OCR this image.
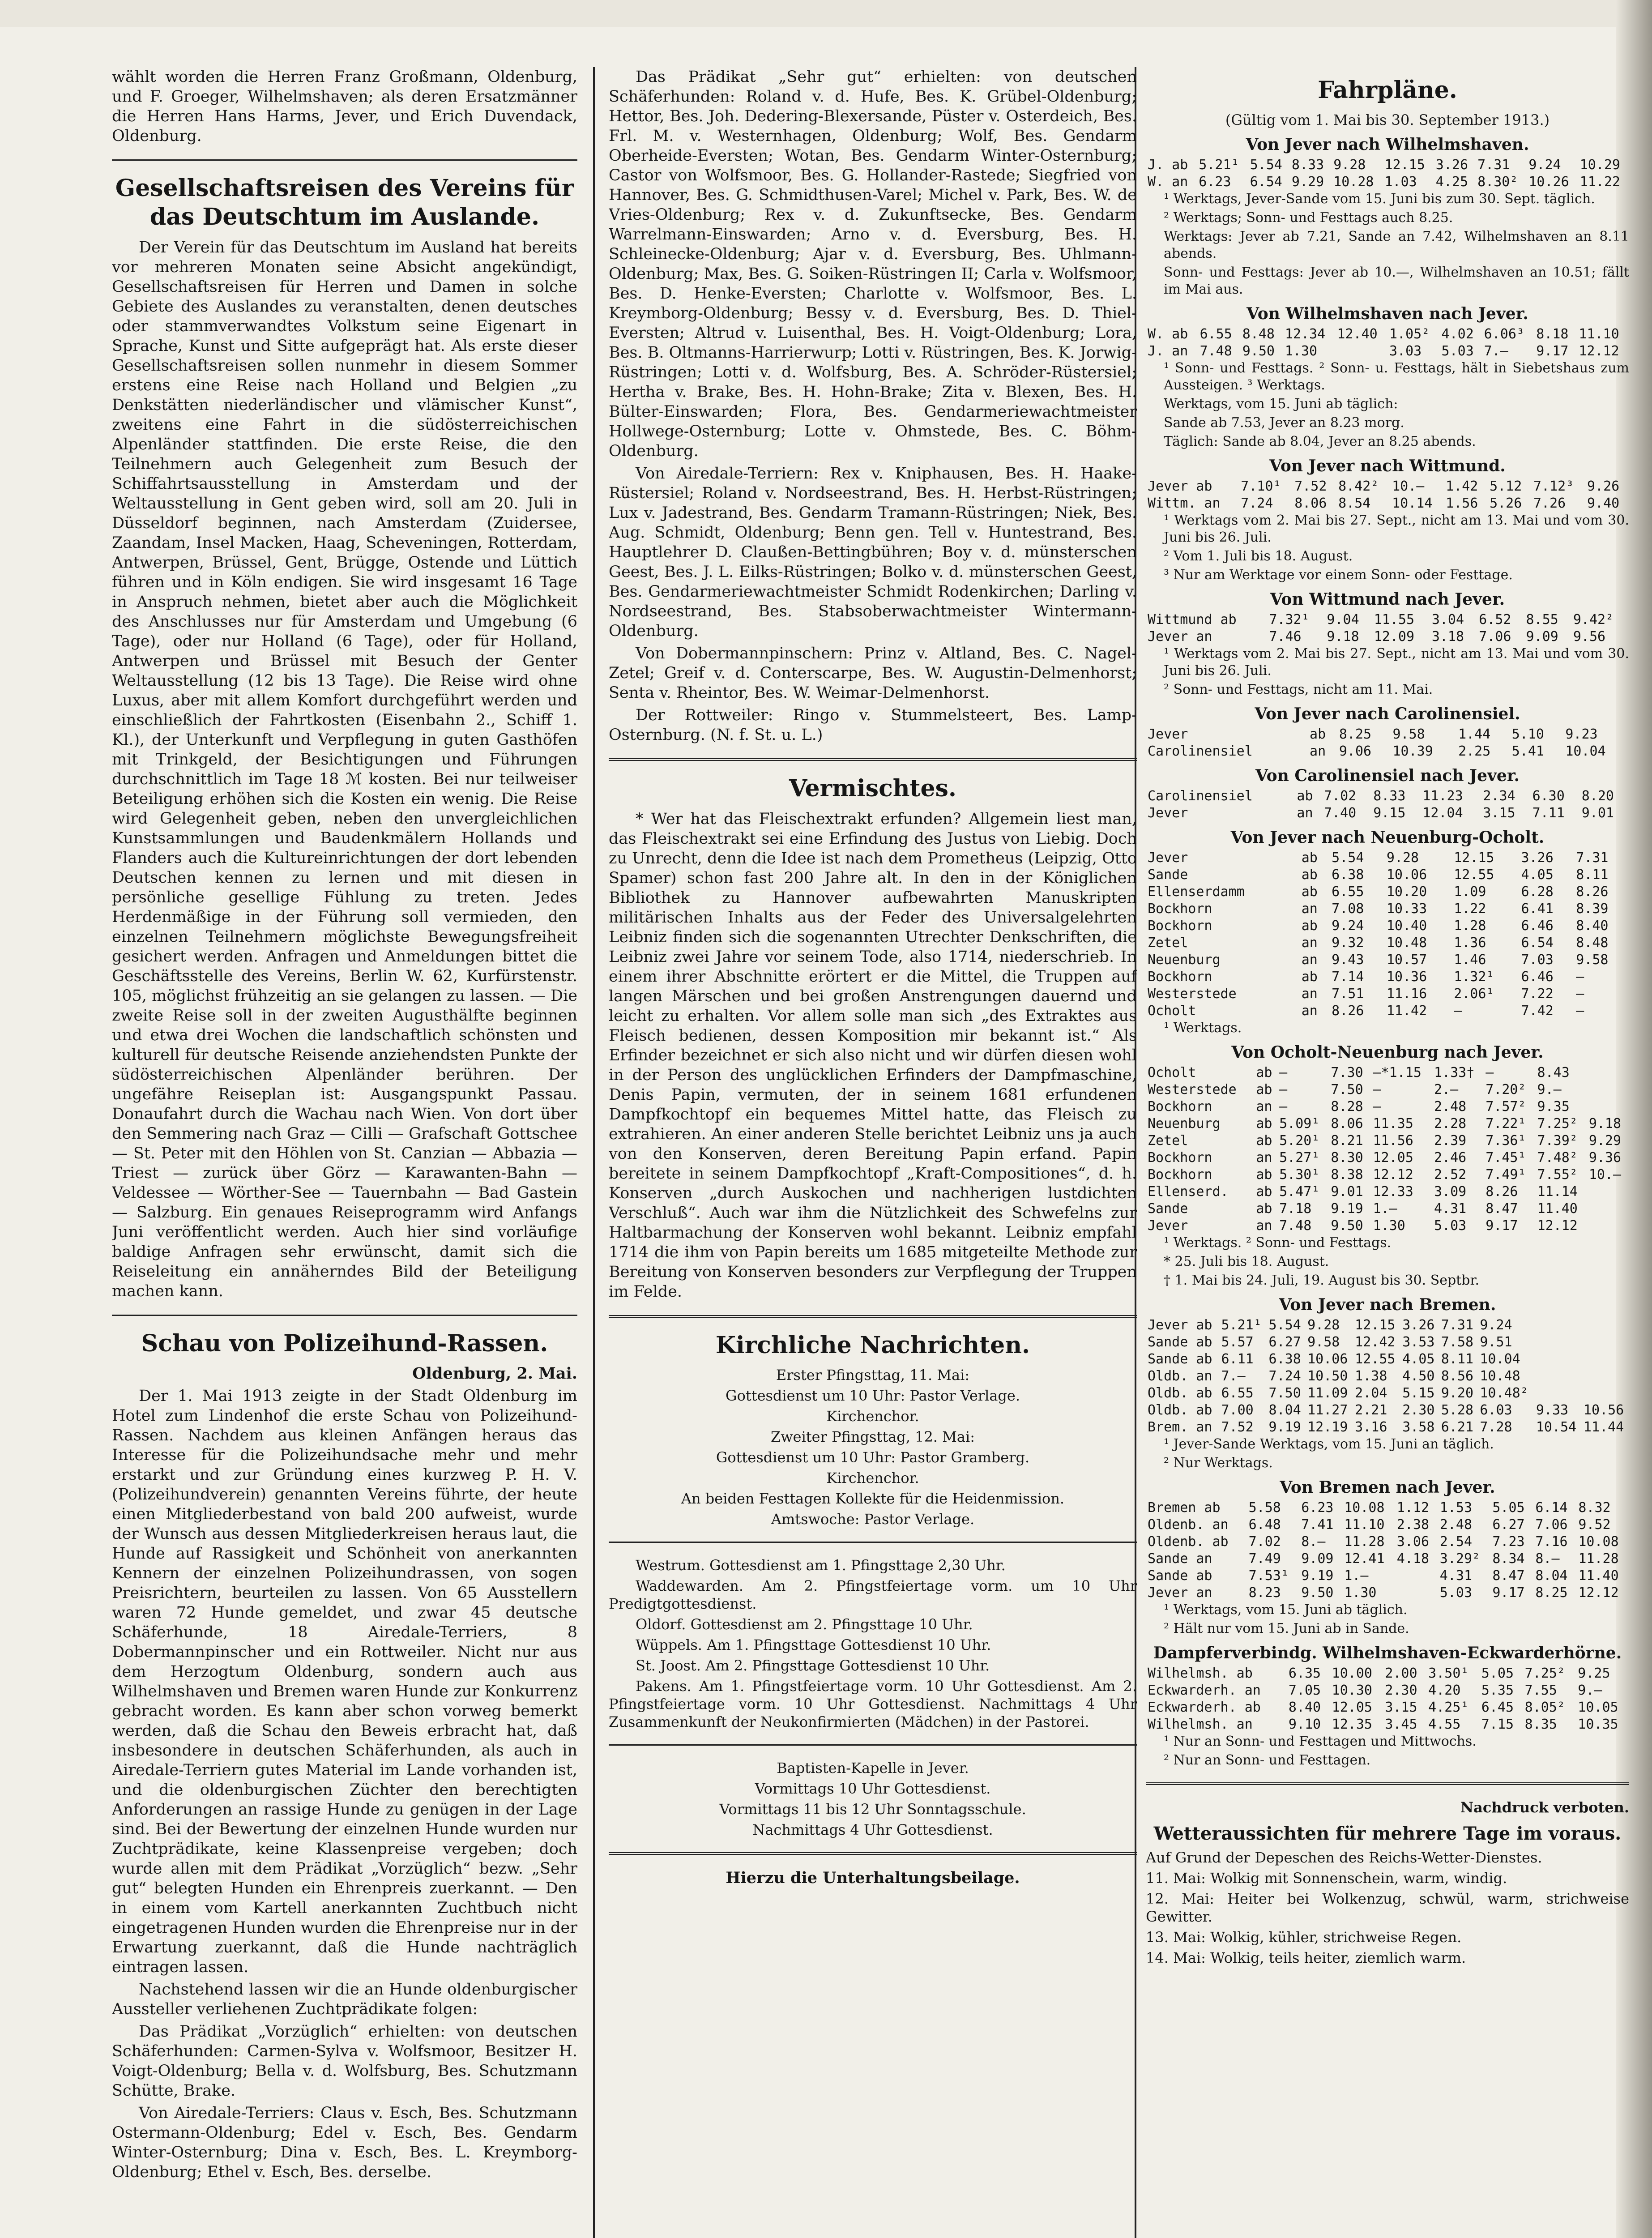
wählt worden die Herren Franz Großmann, Oldenburg, und F. Groeger, Wilhelmshaven; als deren Ersatzmänner die Herren Hans Harms, Jever, und Erich Duvendack, Oldenburg.

Gesellschaftsreisen des Vereins für das Deutschtum im Auslande.

Der Verein für das Deutschtum im Ausland hat bereits vor mehreren Monaten seine Absicht angekündigt, Gesellschaftsreisen für Herren und Damen in solche Gebiete des Auslandes zu veranstalten, denen deutsches oder stammverwandtes Volkstum seine Eigenart in Sprache, Kunst und Sitte aufgeprägt hat. Als erste dieser Gesellschaftsreisen sollen nunmehr in diesem Sommer erstens eine Reise nach Holland und Belgien „zu Denkstätten niederländischer und vlämischer Kunst“, zweitens eine Fahrt in die südösterreichischen Alpenländer stattfinden. Die erste Reise, die den Teilnehmern auch Gelegenheit zum Besuch der Schiffahrtsausstellung in Amsterdam und der Weltausstellung in Gent geben wird, soll am 20. Juli in Düsseldorf beginnen, nach Amsterdam (Zuidersee, Zaandam, Insel Macken, Haag, Scheveningen, Rotterdam, Antwerpen, Brüssel, Gent, Brügge, Ostende und Lüttich führen und in Köln endigen. Sie wird insgesamt 16 Tage in Anspruch nehmen, bietet aber auch die Möglichkeit des Anschlusses nur für Amsterdam und Umgebung (6 Tage), oder nur Holland (6 Tage), oder für Holland, Antwerpen und Brüssel mit Besuch der Genter Weltausstellung (12 bis 13 Tage). Die Reise wird ohne Luxus, aber mit allem Komfort durchgeführt werden und einschließlich der Fahrtkosten (Eisenbahn 2., Schiff 1. Kl.), der Unterkunft und Verpflegung in guten Gasthöfen mit Trinkgeld, der Besichtigungen und Führungen durchschnittlich im Tage 18 ℳ kosten. Bei nur teilweiser Beteiligung erhöhen sich die Kosten ein wenig. Die Reise wird Gelegenheit geben, neben den unvergleichlichen Kunstsammlungen und Baudenkmälern Hollands und Flanders auch die Kultureinrichtungen der dort lebenden Deutschen kennen zu lernen und mit diesen in persönliche gesellige Fühlung zu treten. Jedes Herdenmäßige in der Führung soll vermieden, den einzelnen Teilnehmern möglichste Bewegungsfreiheit gesichert werden. Anfragen und Anmeldungen bittet die Geschäftsstelle des Vereins, Berlin W. 62, Kurfürstenstr. 105, möglichst frühzeitig an sie gelangen zu lassen. — Die zweite Reise soll in der zweiten Augusthälfte beginnen und etwa drei Wochen die landschaftlich schönsten und kulturell für deutsche Reisende anziehendsten Punkte der südösterreichischen Alpenländer berühren. Der ungefähre Reiseplan ist: Ausgangspunkt Passau. Donaufahrt durch die Wachau nach Wien. Von dort über den Semmering nach Graz — Cilli — Grafschaft Gottschee — St. Peter mit den Höhlen von St. Canzian — Abbazia — Triest — zurück über Görz — Karawanten-Bahn — Veldessee — Wörther-See — Tauernbahn — Bad Gastein — Salzburg. Ein genaues Reiseprogramm wird Anfangs Juni veröffentlicht werden. Auch hier sind vorläufige baldige Anfragen sehr erwünscht, damit sich die Reiseleitung ein annäherndes Bild der Beteiligung machen kann.

Schau von Polizeihund-Rassen.
Oldenburg, 2. Mai.

Der 1. Mai 1913 zeigte in der Stadt Oldenburg im Hotel zum Lindenhof die erste Schau von Polizeihund-Rassen. Nachdem aus kleinen Anfängen heraus das Interesse für die Polizeihundsache mehr und mehr erstarkt und zur Gründung eines kurzweg P. H. V. (Polizeihundverein) genannten Vereins führte, der heute einen Mitgliederbestand von bald 200 aufweist, wurde der Wunsch aus dessen Mitgliederkreisen heraus laut, die Hunde auf Rassigkeit und Schönheit von anerkannten Kennern der einzelnen Polizeihundrassen, von sogen Preisrichtern, beurteilen zu lassen. Von 65 Ausstellern waren 72 Hunde gemeldet, und zwar 45 deutsche Schäferhunde, 18 Airedale-Terriers, 8 Dobermannpinscher und ein Rottweiler. Nicht nur aus dem Herzogtum Oldenburg, sondern auch aus Wilhelmshaven und Bremen waren Hunde zur Konkurrenz gebracht worden. Es kann aber schon vorweg bemerkt werden, daß die Schau den Beweis erbracht hat, daß insbesondere in deutschen Schäferhunden, als auch in Airedale-Terriern gutes Material im Lande vorhanden ist, und die oldenburgischen Züchter den berechtigten Anforderungen an rassige Hunde zu genügen in der Lage sind. Bei der Bewertung der einzelnen Hunde wurden nur Zuchtprädikate, keine Klassenpreise vergeben; doch wurde allen mit dem Prädikat „Vorzüglich“ bezw. „Sehr gut“ belegten Hunden ein Ehrenpreis zuerkannt. — Den in einem vom Kartell anerkannten Zuchtbuch nicht eingetragenen Hunden wurden die Ehrenpreise nur in der Erwartung zuerkannt, daß die Hunde nachträglich eintragen lassen.

Nachstehend lassen wir die an Hunde oldenburgischer Aussteller verliehenen Zuchtprädikate folgen:

Das Prädikat „Vorzüglich“ erhielten: von deutschen Schäferhunden: Carmen-Sylva v. Wolfsmoor, Besitzer H. Voigt-Oldenburg; Bella v. d. Wolfsburg, Bes. Schutzmann Schütte, Brake.

Von Airedale-Terriers: Claus v. Esch, Bes. Schutzmann Ostermann-Oldenburg; Edel v. Esch, Bes. Gendarm Winter-Osternburg; Dina v. Esch, Bes. L. Kreymborg-Oldenburg; Ethel v. Esch, Bes. derselbe.

Das Prädikat „Sehr gut“ erhielten: von deutschen Schäferhunden: Roland v. d. Hufe, Bes. K. Grübel-Oldenburg; Hettor, Bes. Joh. Dedering-Blexersande, Püster v. Osterdeich, Bes. Frl. M. v. Westernhagen, Oldenburg; Wolf, Bes. Gendarm Oberheide-Eversten; Wotan, Bes. Gendarm Winter-Osternburg; Castor von Wolfsmoor, Bes. G. Hollander-Rastede; Siegfried von Hannover, Bes. G. Schmidthusen-Varel; Michel v. Park, Bes. W. de Vries-Oldenburg; Rex v. d. Zukunftsecke, Bes. Gendarm Warrelmann-Einswarden; Arno v. d. Eversburg, Bes. H. Schleinecke-Oldenburg; Ajar v. d. Eversburg, Bes. Uhlmann-Oldenburg; Max, Bes. G. Soiken-Rüstringen II; Carla v. Wolfsmoor, Bes. D. Henke-Eversten; Charlotte v. Wolfsmoor, Bes. L. Kreymborg-Oldenburg; Bessy v. d. Eversburg, Bes. D. Thiel-Eversten; Altrud v. Luisenthal, Bes. H. Voigt-Oldenburg; Lora, Bes. B. Oltmanns-Harrierwurp; Lotti v. Rüstringen, Bes. K. Jorwig-Rüstringen; Lotti v. d. Wolfsburg, Bes. A. Schröder-Rüstersiel; Hertha v. Brake, Bes. H. Hohn-Brake; Zita v. Blexen, Bes. H. Bülter-Einswarden; Flora, Bes. Gendarmeriewachtmeister Hollwege-Osternburg; Lotte v. Ohmstede, Bes. C. Böhm-Oldenburg.

Von Airedale-Terriern: Rex v. Kniphausen, Bes. H. Haake-Rüstersiel; Roland v. Nordseestrand, Bes. H. Herbst-Rüstringen; Lux v. Jadestrand, Bes. Gendarm Tramann-Rüstringen; Niek, Bes. Aug. Schmidt, Oldenburg; Benn gen. Tell v. Huntestrand, Bes. Hauptlehrer D. Claußen-Bettingbühren; Boy v. d. münsterschen Geest, Bes. J. L. Eilks-Rüstringen; Bolko v. d. münsterschen Geest, Bes. Gendarmeriewachtmeister Schmidt Rodenkirchen; Darling v. Nordseestrand, Bes. Stabsoberwachtmeister Wintermann-Oldenburg.

Von Dobermannpinschern: Prinz v. Altland, Bes. C. Nagel-Zetel; Greif v. d. Conterscarpe, Bes. W. Augustin-Delmenhorst; Senta v. Rheintor, Bes. W. Weimar-Delmenhorst.

Der Rottweiler: Ringo v. Stummelsteert, Bes. Lamp-Osternburg. (N. f. St. u. L.)

Vermischtes.

* Wer hat das Fleischextrakt erfunden? Allgemein liest man, das Fleischextrakt sei eine Erfindung des Justus von Liebig. Doch zu Unrecht, denn die Idee ist nach dem Prometheus (Leipzig, Otto Spamer) schon fast 200 Jahre alt. In den in der Königlichen Bibliothek zu Hannover aufbewahrten Manuskripten militärischen Inhalts aus der Feder des Universalgelehrten Leibniz finden sich die sogenannten Utrechter Denkschriften, die Leibniz zwei Jahre vor seinem Tode, also 1714, niederschrieb. In einem ihrer Abschnitte erörtert er die Mittel, die Truppen auf langen Märschen und bei großen Anstrengungen dauernd und leicht zu erhalten. Vor allem solle man sich „des Extraktes aus Fleisch bedienen, dessen Komposition mir bekannt ist.“ Als Erfinder bezeichnet er sich also nicht und wir dürfen diesen wohl in der Person des unglücklichen Erfinders der Dampfmaschine, Denis Papin, vermuten, der in seinem 1681 erfundenen Dampfkochtopf ein bequemes Mittel hatte, das Fleisch zu extrahieren. An einer anderen Stelle berichtet Leibniz uns ja auch von den Konserven, deren Bereitung Papin erfand. Papin bereitete in seinem Dampfkochtopf „Kraft-Compositiones“, d. h. Konserven „durch Auskochen und nachherigen lustdichten Verschluß“. Auch war ihm die Nützlichkeit des Schwefelns zur Haltbarmachung der Konserven wohl bekannt. Leibniz empfahl 1714 die ihm von Papin bereits um 1685 mitgeteilte Methode zur Bereitung von Konserven besonders zur Verpflegung der Truppen im Felde.

Kirchliche Nachrichten.

Erster Pfingsttag, 11. Mai:

Gottesdienst um 10 Uhr: Pastor Verlage.

Kirchenchor.

Zweiter Pfingsttag, 12. Mai:

Gottesdienst um 10 Uhr: Pastor Gramberg.

Kirchenchor.

An beiden Festtagen Kollekte für die Heidenmission.

Amtswoche: Pastor Verlage.

Westrum. Gottesdienst am 1. Pfingsttage 2,30 Uhr.

Waddewarden. Am 2. Pfingstfeiertage vorm. um 10 Uhr Predigtgottesdienst.

Oldorf. Gottesdienst am 2. Pfingsttage 10 Uhr.

Wüppels. Am 1. Pfingsttage Gottesdienst 10 Uhr.

St. Joost. Am 2. Pfingsttage Gottesdienst 10 Uhr.

Pakens. Am 1. Pfingstfeiertage vorm. 10 Uhr Gottesdienst. Am 2. Pfingstfeiertage vorm. 10 Uhr Gottesdienst. Nachmittags 4 Uhr Zusammenkunft der Neukonfirmierten (Mädchen) in der Pastorei.

Baptisten-Kapelle in Jever.

Vormittags 10 Uhr Gottesdienst.

Vormittags 11 bis 12 Uhr Sonntagsschule.

Nachmittags 4 Uhr Gottesdienst.

Hierzu die Unterhaltungsbeilage.

Fahrpläne.

(Gültig vom 1. Mai bis 30. September 1913.)

Von Jever nach Wilhelmshaven.
J. ab	5.21¹	5.54	8.33	9.28	12.15	3.26	7.31	9.24	10.29
W. an	6.23	6.54	9.29	10.28	1.03	4.25	8.30²	10.26	11.22

¹ Werktags, Jever-Sande vom 15. Juni bis zum 30. Sept. täglich.

² Werktags; Sonn- und Festtags auch 8.25.

Werktags: Jever ab 7.21, Sande an 7.42, Wilhelmshaven an 8.11 abends.

Sonn- und Festtags: Jever ab 10.—, Wilhelmshaven an 10.51; fällt im Mai aus.

Von Wilhelmshaven nach Jever.
W. ab	6.55	8.48	12.34	12.40	1.05²	4.02	6.06³	8.18	11.10
J. an	7.48	9.50	1.30		3.03	5.03	7.—	9.17	12.12

¹ Sonn- und Festtags. ² Sonn- u. Festtags, hält in Siebetshaus zum Aussteigen. ³ Werktags.

Werktags, vom 15. Juni ab täglich:

Sande ab 7.53, Jever an 8.23 morg.

Täglich: Sande ab 8.04, Jever an 8.25 abends.

Von Jever nach Wittmund.
Jever ab	7.10¹	7.52	8.42²	10.—	1.42	5.12	7.12³	9.26
Wittm. an	7.24	8.06	8.54	10.14	1.56	5.26	7.26	9.40

¹ Werktags vom 2. Mai bis 27. Sept., nicht am 13. Mai und vom 30. Juni bis 26. Juli.

² Vom 1. Juli bis 18. August.

³ Nur am Werktage vor einem Sonn- oder Festtage.

Von Wittmund nach Jever.
Wittmund ab	7.32¹	9.04	11.55	3.04	6.52	8.55	9.42²
Jever an	7.46	9.18	12.09	3.18	7.06	9.09	9.56

¹ Werktags vom 2. Mai bis 27. Sept., nicht am 13. Mai und vom 30. Juni bis 26. Juli.

² Sonn- und Festtags, nicht am 11. Mai.

Von Jever nach Carolinensiel.
Jever	ab	8.25	9.58	1.44	5.10	9.23
Carolinensiel	an	9.06	10.39	2.25	5.41	10.04
Von Carolinensiel nach Jever.
Carolinensiel	ab	7.02	8.33	11.23	2.34	6.30	8.20
Jever	an	7.40	9.15	12.04	3.15	7.11	9.01
Von Jever nach Neuenburg-Ocholt.
Jever	ab	5.54	9.28	12.15	3.26	7.31
Sande	ab	6.38	10.06	12.55	4.05	8.11
Ellenserdamm	ab	6.55	10.20	1.09	6.28	8.26
Bockhorn	an	7.08	10.33	1.22	6.41	8.39
Bockhorn	ab	9.24	10.40	1.28	6.46	8.40
Zetel	an	9.32	10.48	1.36	6.54	8.48
Neuenburg	an	9.43	10.57	1.46	7.03	9.58
Bockhorn	ab	7.14	10.36	1.32¹	6.46	—
Westerstede	an	7.51	11.16	2.06¹	7.22	—
Ocholt	an	8.26	11.42	—	7.42	—

¹ Werktags.

Von Ocholt-Neuenburg nach Jever.
Ocholt	ab	—	7.30	—*1.15	1.33†	—	8.43	
Westerstede	ab	—	7.50	—	2.—	7.20²	9.—	
Bockhorn	an	—	8.28	—	2.48	7.57²	9.35	
Neuenburg	ab	5.09¹	8.06	11.35	2.28	7.22¹	7.25²	9.18
Zetel	ab	5.20¹	8.21	11.56	2.39	7.36¹	7.39²	9.29
Bockhorn	an	5.27¹	8.30	12.05	2.46	7.45¹	7.48²	9.36
Bockhorn	ab	5.30¹	8.38	12.12	2.52	7.49¹	7.55²	10.—
Ellenserd.	ab	5.47¹	9.01	12.33	3.09	8.26	11.14	
Sande	ab	7.18	9.19	1.—	4.31	8.47	11.40	
Jever	an	7.48	9.50	1.30	5.03	9.17	12.12	

¹ Werktags. ² Sonn- und Festtags.

* 25. Juli bis 18. August.

† 1. Mai bis 24. Juli, 19. August bis 30. Septbr.

Von Jever nach Bremen.
Jever ab	5.21¹	5.54	9.28	12.15	3.26	7.31	9.24		
Sande ab	5.57	6.27	9.58	12.42	3.53	7.58	9.51		
Sande ab	6.11	6.38	10.06	12.55	4.05	8.11	10.04		
Oldb. an	7.—	7.24	10.50	1.38	4.50	8.56	10.48		
Oldb. ab	6.55	7.50	11.09	2.04	5.15	9.20	10.48²		
Oldb. ab	7.00	8.04	11.27	2.21	2.30	5.28	6.03	9.33	10.56
Brem. an	7.52	9.19	12.19	3.16	3.58	6.21	7.28	10.54	11.44

¹ Jever-Sande Werktags, vom 15. Juni an täglich.

² Nur Werktags.

Von Bremen nach Jever.
Bremen ab	5.58	6.23	10.08	1.12	1.53	5.05	6.14	8.32
Oldenb. an	6.48	7.41	11.10	2.38	2.48	6.27	7.06	9.52
Oldenb. ab	7.02	8.—	11.28	3.06	2.54	7.23	7.16	10.08
Sande an	7.49	9.09	12.41	4.18	3.29²	8.34	8.—	11.28
Sande ab	7.53¹	9.19	1.—		4.31	8.47	8.04	11.40
Jever an	8.23	9.50	1.30		5.03	9.17	8.25	12.12

¹ Werktags, vom 15. Juni ab täglich.

² Hält nur vom 15. Juni ab in Sande.

Dampferverbindg. Wilhelmshaven-Eckwarderhörne.
Wilhelmsh. ab	6.35	10.00	2.00	3.50¹	5.05	7.25²	9.25
Eckwarderh. an	7.05	10.30	2.30	4.20	5.35	7.55	9.—
Eckwarderh. ab	8.40	12.05	3.15	4.25¹	6.45	8.05²	10.05
Wilhelmsh. an	9.10	12.35	3.45	4.55	7.15	8.35	10.35

¹ Nur an Sonn- und Festtagen und Mittwochs.

² Nur an Sonn- und Festtagen.

Nachdruck verboten.

Wetteraussichten für mehrere Tage im voraus.

Auf Grund der Depeschen des Reichs-Wetter-Dienstes.

11. Mai: Wolkig mit Sonnenschein, warm, windig.

12. Mai: Heiter bei Wolkenzug, schwül, warm, strichweise Gewitter.

13. Mai: Wolkig, kühler, strichweise Regen.

14. Mai: Wolkig, teils heiter, ziemlich warm.
